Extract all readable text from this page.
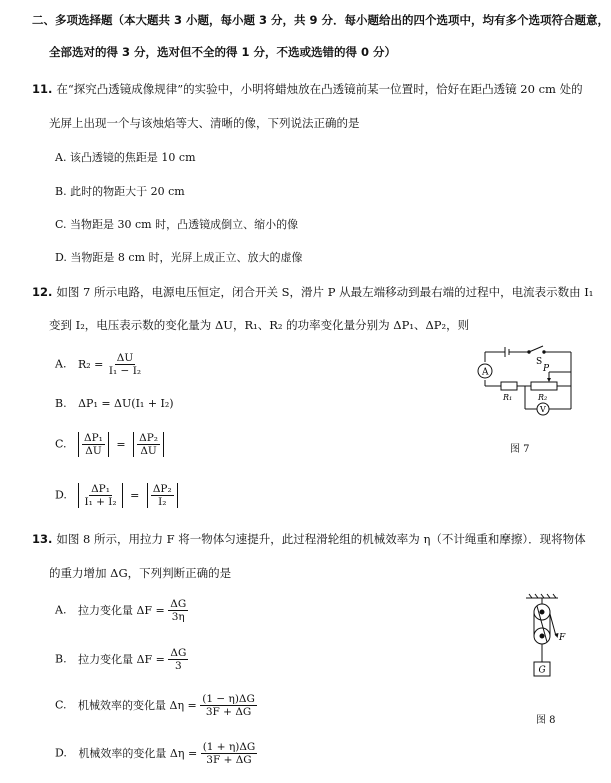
二、多项选择题（本大题共 3 小题，每小题 3 分，共 9 分．每小题给出的四个选项中，均有多个选项符合题意，
全部选对的得 3 分，选对但不全的得 1 分，不选或选错的得 0 分）
11. 在“探究凸透镜成像规律”的实验中，小明将蜡烛放在凸透镜前某一位置时，恰好在距凸透镜 20 cm 处的
光屏上出现一个与该烛焰等大、清晰的像，下列说法正确的是
A. 该凸透镜的焦距是 10 cm
B. 此时的物距大于 20 cm
C. 当物距是 30 cm 时，凸透镜成倒立、缩小的像
D. 当物距是 8 cm 时，光屏上成正立、放大的虚像
12. 如图 7 所示电路，电源电压恒定，闭合开关 S，滑片 P 从最左端移动到最右端的过程中，电流表示数由 I₁
变到 I₂，电压表示数的变化量为 ΔU，R₁、R₂ 的功率变化量分别为 ΔP₁、ΔP₂，则
A. $R_2 = \frac{\Delta U}{\text{I₁ − I₂}}$
B. ΔP₁ = ΔU(I₁ + I₂)
C. $\frac{\text{ΔP₁}}{\Delta U} = \frac{\text{ΔP₂}}{\Delta U}$
D. $\frac{\text{ΔP₁}}{\text{I₁ + I₂}} = \frac{\text{ΔP₂}}{\text{I₂}}$
A
V
S
P
R₁	R₂
图 7
13. 如图 8 所示，用拉力 F 将一物体匀速提升，此过程滑轮组的机械效率为 η（不计绳重和摩擦）．现将物体
的重力增加 ΔG，下列判断正确的是
A. 拉力变化量 $\Delta F = \frac{\Delta G}{3\eta}$
B. 拉力变化量 $\Delta F = \frac{\Delta G}{3}$
C. 机械效率的变化量 $\Delta\eta = \frac{(1 - \eta)\Delta G}{3F + \Delta G}$
D. 机械效率的变化量 $\Delta\eta = \frac{(1 + \eta)\Delta G}{3F + \Delta G}$
F
G
图 8
